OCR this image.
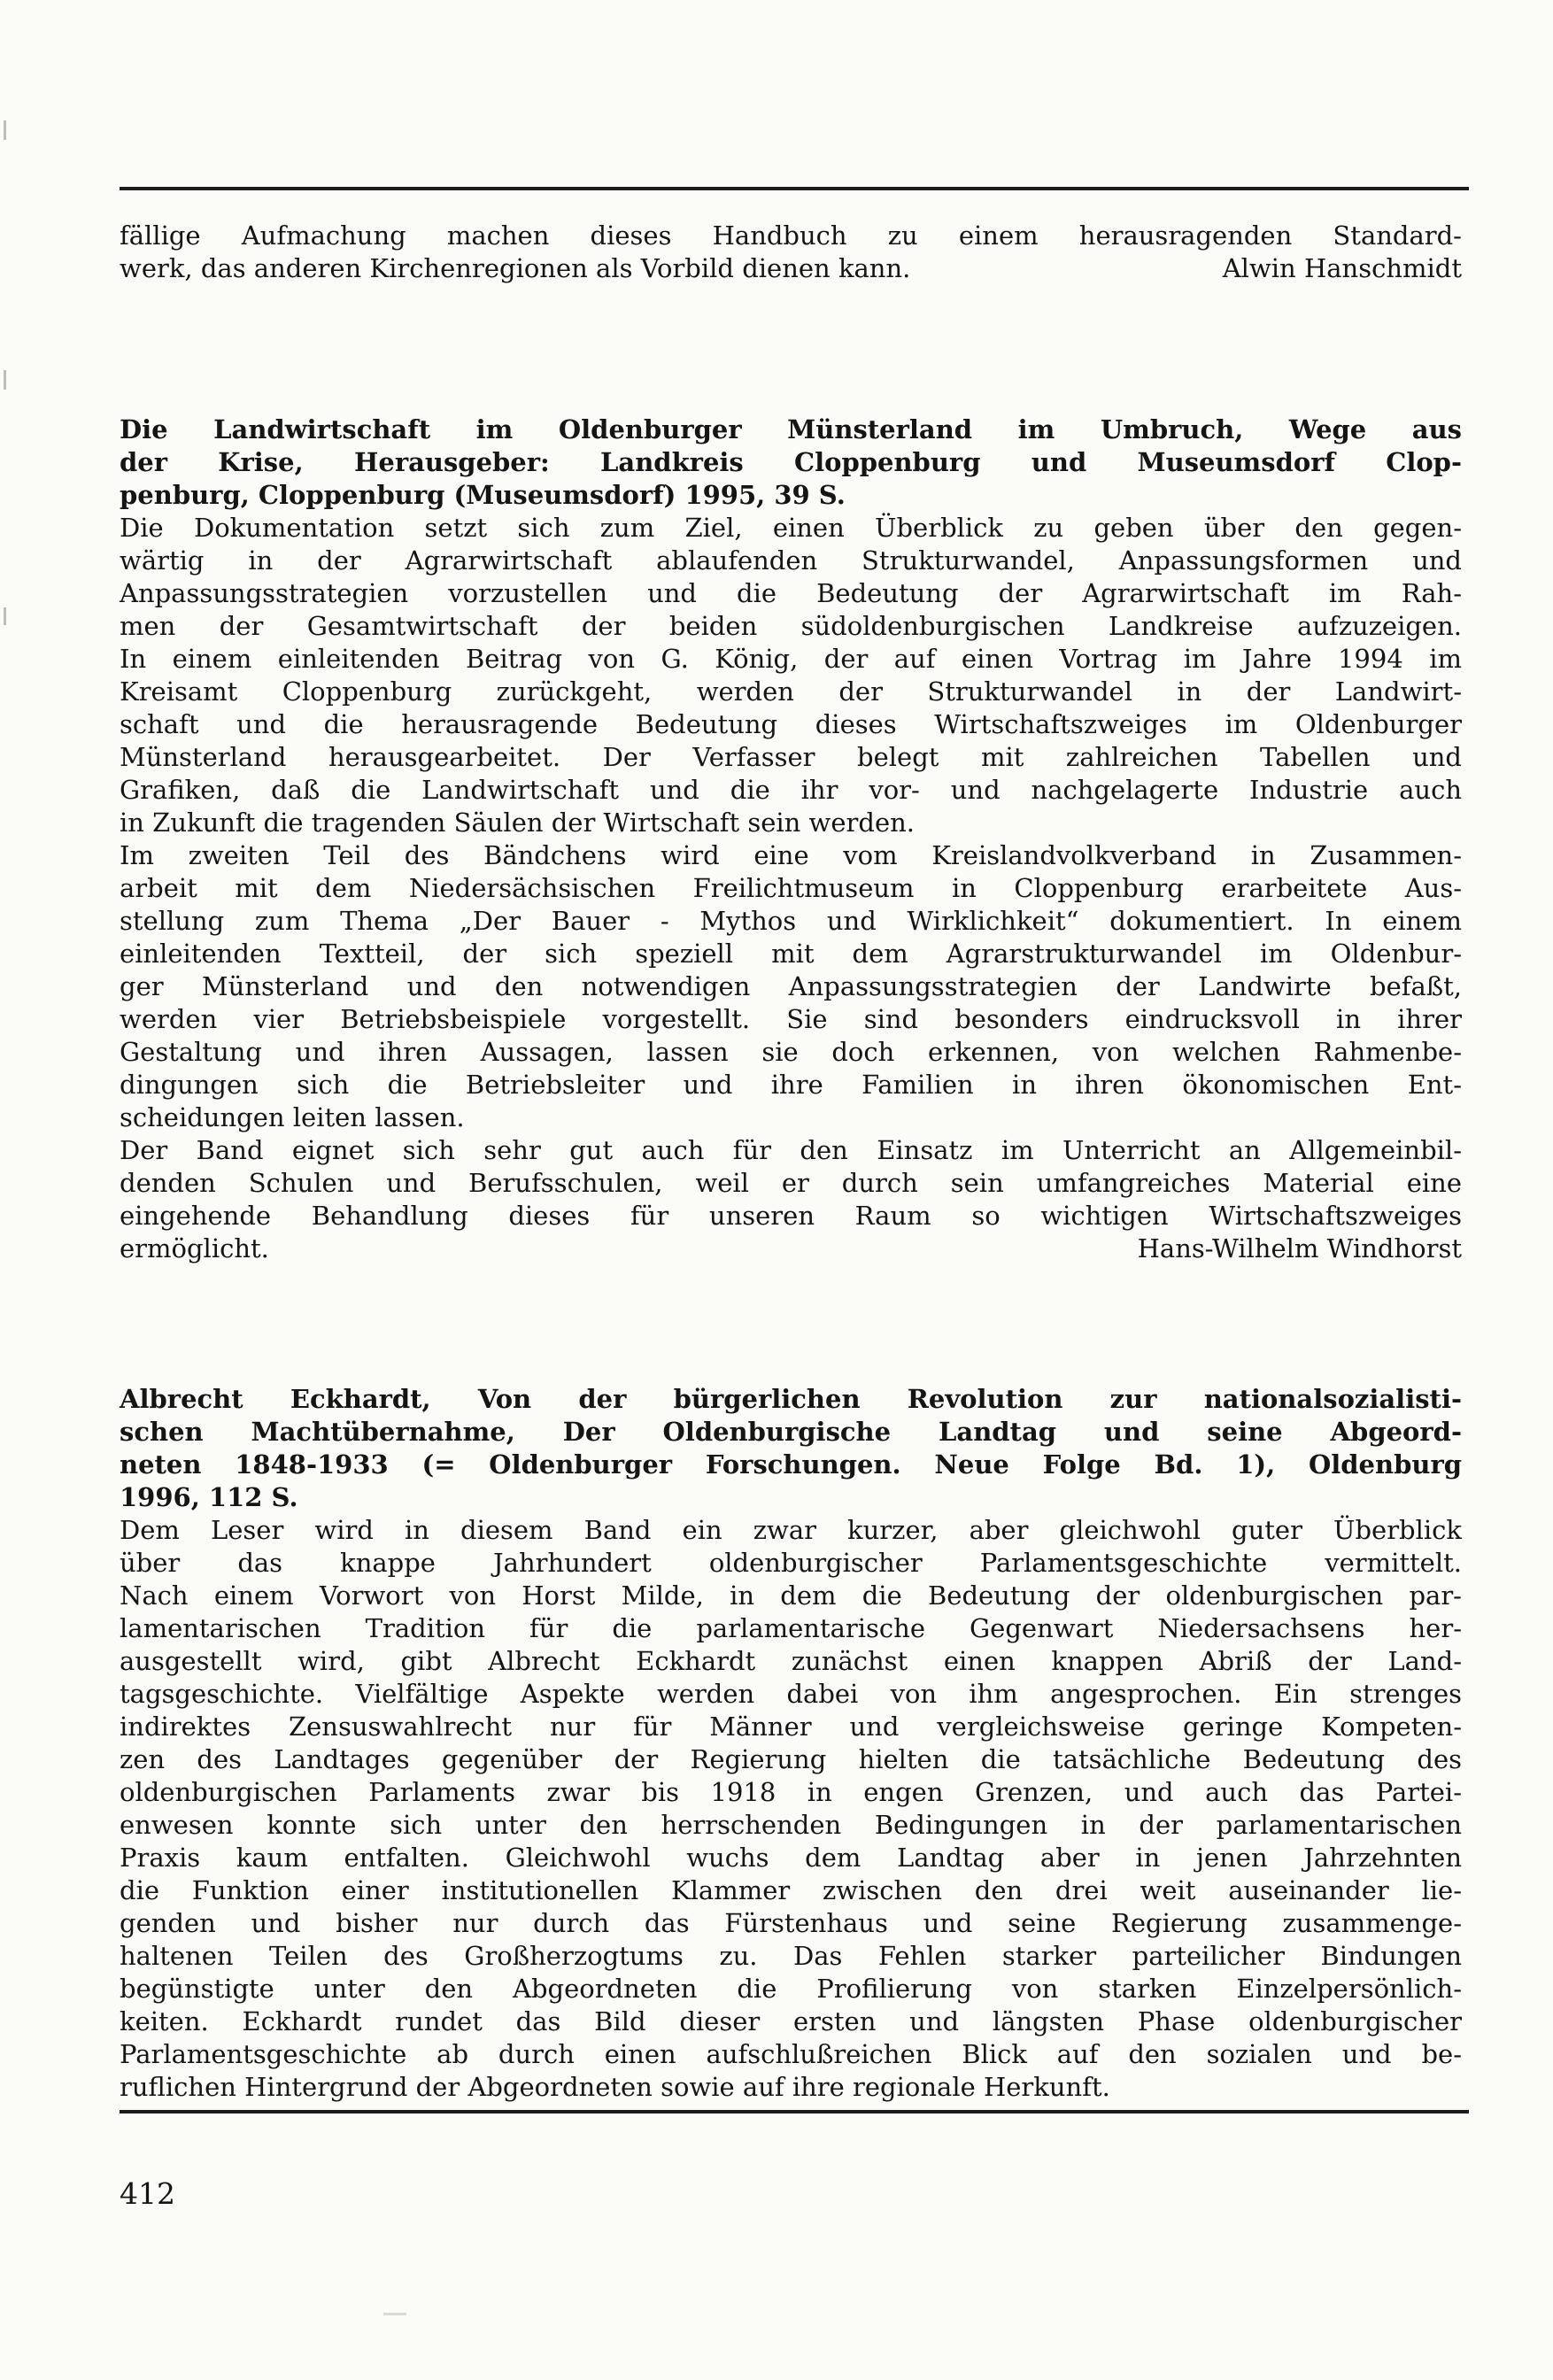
fällige Aufmachung machen dieses Handbuch zu einem herausragenden Standard-
werk, das anderen Kirchenregionen als Vorbild dienen kann.	Alwin Hanschmidt
Die Landwirtschaft im Oldenburger Münsterland im Umbruch, Wege aus
der Krise, Herausgeber: Landkreis Cloppenburg und Museumsdorf Clop-
penburg, Cloppenburg (Museumsdorf) 1995, 39 S.
Die Dokumentation setzt sich zum Ziel, einen Überblick zu geben über den gegen-
wärtig in der Agrarwirtschaft ablaufenden Strukturwandel, Anpassungsformen und
Anpassungsstrategien vorzustellen und die Bedeutung der Agrarwirtschaft im Rah-
men der Gesamtwirtschaft der beiden südoldenburgischen Landkreise aufzuzeigen.
In einem einleitenden Beitrag von G. König, der auf einen Vortrag im Jahre 1994 im
Kreisamt Cloppenburg zurückgeht, werden der Strukturwandel in der Landwirt-
schaft und die herausragende Bedeutung dieses Wirtschaftszweiges im Oldenburger
Münsterland herausgearbeitet. Der Verfasser belegt mit zahlreichen Tabellen und
Grafiken, daß die Landwirtschaft und die ihr vor- und nachgelagerte Industrie auch
in Zukunft die tragenden Säulen der Wirtschaft sein werden.
Im zweiten Teil des Bändchens wird eine vom Kreislandvolkverband in Zusammen-
arbeit mit dem Niedersächsischen Freilichtmuseum in Cloppenburg erarbeitete Aus-
stellung zum Thema „Der Bauer - Mythos und Wirklichkeit“ dokumentiert. In einem
einleitenden Textteil, der sich speziell mit dem Agrarstrukturwandel im Oldenbur-
ger Münsterland und den notwendigen Anpassungsstrategien der Landwirte befaßt,
werden vier Betriebsbeispiele vorgestellt. Sie sind besonders eindrucksvoll in ihrer
Gestaltung und ihren Aussagen, lassen sie doch erkennen, von welchen Rahmenbe-
dingungen sich die Betriebsleiter und ihre Familien in ihren ökonomischen Ent-
scheidungen leiten lassen.
Der Band eignet sich sehr gut auch für den Einsatz im Unterricht an Allgemeinbil-
denden Schulen und Berufsschulen, weil er durch sein umfangreiches Material eine
eingehende Behandlung dieses für unseren Raum so wichtigen Wirtschaftszweiges
ermöglicht.	Hans-Wilhelm Windhorst
Albrecht Eckhardt, Von der bürgerlichen Revolution zur nationalsozialisti-
schen Machtübernahme, Der Oldenburgische Landtag und seine Abgeord-
neten 1848-1933 (= Oldenburger Forschungen. Neue Folge Bd. 1), Oldenburg
1996, 112 S.
Dem Leser wird in diesem Band ein zwar kurzer, aber gleichwohl guter Überblick
über das knappe Jahrhundert oldenburgischer Parlamentsgeschichte vermittelt.
Nach einem Vorwort von Horst Milde, in dem die Bedeutung der oldenburgischen par-
lamentarischen Tradition für die parlamentarische Gegenwart Niedersachsens her-
ausgestellt wird, gibt Albrecht Eckhardt zunächst einen knappen Abriß der Land-
tagsgeschichte. Vielfältige Aspekte werden dabei von ihm angesprochen. Ein strenges
indirektes Zensuswahlrecht nur für Männer und vergleichsweise geringe Kompeten-
zen des Landtages gegenüber der Regierung hielten die tatsächliche Bedeutung des
oldenburgischen Parlaments zwar bis 1918 in engen Grenzen, und auch das Partei-
enwesen konnte sich unter den herrschenden Bedingungen in der parlamentarischen
Praxis kaum entfalten. Gleichwohl wuchs dem Landtag aber in jenen Jahrzehnten
die Funktion einer institutionellen Klammer zwischen den drei weit auseinander lie-
genden und bisher nur durch das Fürstenhaus und seine Regierung zusammenge-
haltenen Teilen des Großherzogtums zu. Das Fehlen starker parteilicher Bindungen
begünstigte unter den Abgeordneten die Profilierung von starken Einzelpersönlich-
keiten. Eckhardt rundet das Bild dieser ersten und längsten Phase oldenburgischer
Parlamentsgeschichte ab durch einen aufschlußreichen Blick auf den sozialen und be-
ruflichen Hintergrund der Abgeordneten sowie auf ihre regionale Herkunft.
412
